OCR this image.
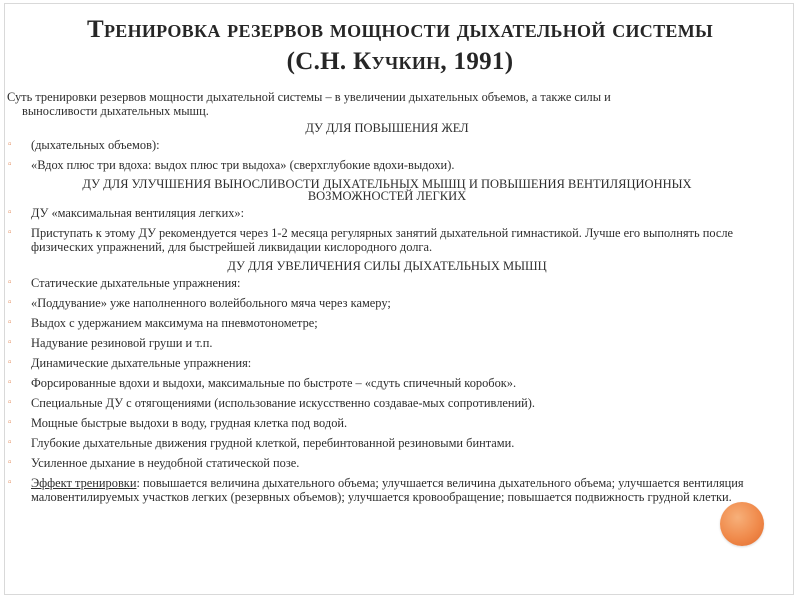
Тренировка резервов мощности дыхательной системы
(С.Н. Кучкин, 1991)

Суть тренировки резервов мощности дыхательной системы – в увеличении дыхательных объемов, а также силы и
выносливости дыхательных мышц.

ДУ ДЛЯ ПОВЫШЕНИЯ ЖЕЛ
▫ (дыхательных объемов):
▫ «Вдох плюс три вдоха: выдох плюс три выдоха» (сверхглубокие вдохи-выдохи).
ДУ ДЛЯ УЛУЧШЕНИЯ ВЫНОСЛИВОСТИ ДЫХАТЕЛЬНЫХ МЫШЦ И ПОВЫШЕНИЯ ВЕНТИЛЯЦИОННЫХ
ВОЗМОЖНОСТЕЙ ЛЕГКИХ
▫ ДУ «максимальная вентиляция легких»:
▫ Приступать к этому ДУ рекомендуется через 1-2 месяца регулярных занятий дыхательной гимнастикой. Лучше его выполнять после физических упражнений, для быстрейшей ликвидации кислородного долга.
ДУ ДЛЯ УВЕЛИЧЕНИЯ СИЛЫ ДЫХАТЕЛЬНЫХ МЫШЦ
▫ Статические дыхательные упражнения:
▫ «Поддувание» уже наполненного волейбольного мяча через камеру;
▫ Выдох с удержанием максимума на пневмотонометре;
▫ Надувание резиновой груши и т.п.
▫ Динамические дыхательные упражнения:
▫ Форсированные вдохи и выдохи, максимальные по быстроте – «сдуть спичечный коробок».
▫ Специальные ДУ с отягощениями (использование искусственно создавае-мых сопротивлений).
▫ Мощные быстрые выдохи в воду, грудная клетка под водой.
▫ Глубокие дыхательные движения грудной клеткой, перебинтованной резиновыми бинтами.
▫ Усиленное дыхание в неудобной статической позе.
▫ Эффект тренировки: повышается величина дыхательного объема; улучшается величина дыхательного объема; улучшается вентиляция маловентилируемых участков легких (резервных объемов); улучшается кровообращение; повышается подвижность грудной клетки.
